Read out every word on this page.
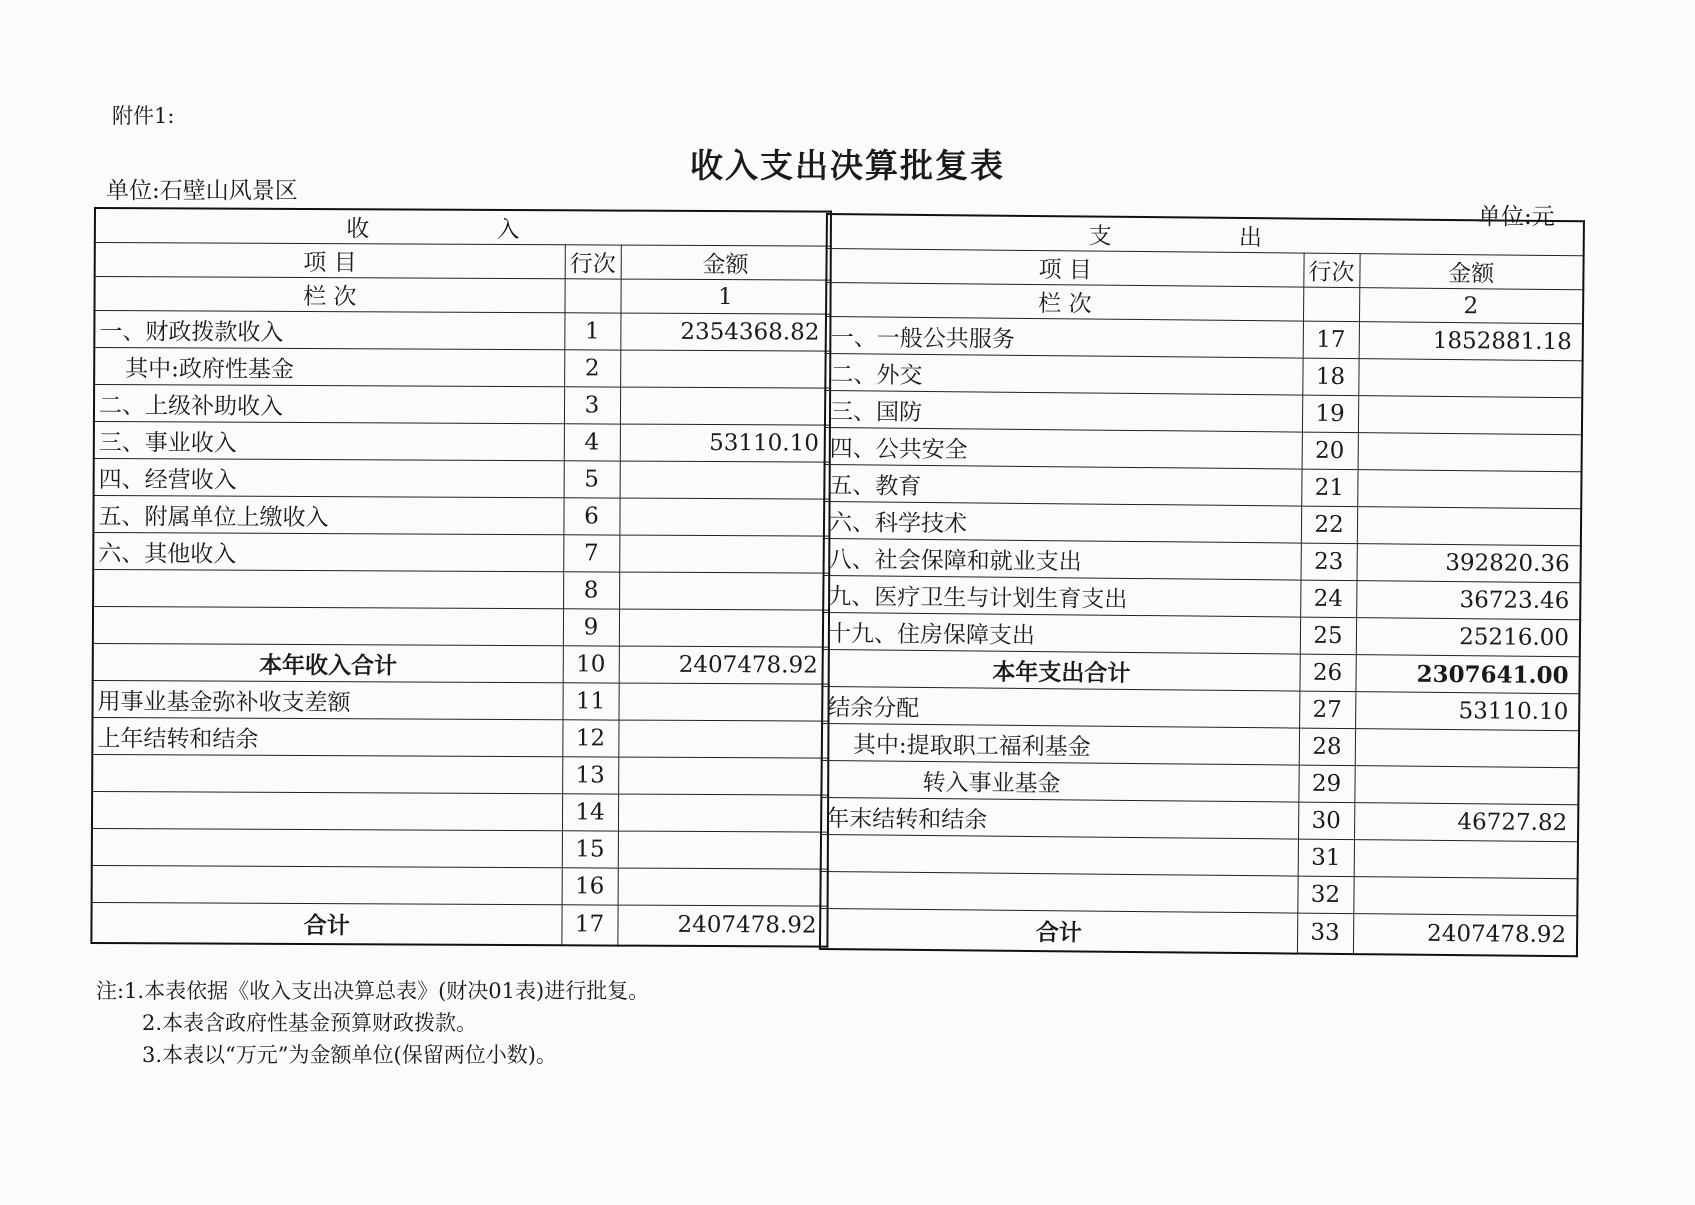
附件1:
收入支出决算批复表
单位:石壁山风景区
单位:元
收 入		
项 目	行次	金额
栏 次		1
一、财政拨款收入	1	2354368.82
其中:政府性基金	2	
二、上级补助收入	3	
三、事业收入	4	53110.10
四、经营收入	5	
五、附属单位上缴收入	6	
六、其他收入	7	
	8	
	9	
本年收入合计	10	2407478.92
用事业基金弥补收支差额	11	
上年结转和结余	12	
	13	
	14	
	15	
	16	
合计	17	2407478.92
支 出		
项 目	行次	金额
栏 次		2
一、一般公共服务	17	1852881.18
二、外交	18	
三、国防	19	
四、公共安全	20	
五、教育	21	
六、科学技术	22	
八、社会保障和就业支出	23	392820.36
九、医疗卫生与计划生育支出	24	36723.46
十九、住房保障支出	25	25216.00
本年支出合计	26	2307641.00
结余分配	27	53110.10
其中:提取职工福利基金	28	
转入事业基金	29	
年末结转和结余	30	46727.82
	31	
	32	
合计	33	2407478.92
注:1.本表依据《收入支出决算总表》(财决01表)进行批复。
2.本表含政府性基金预算财政拨款。
3.本表以“万元”为金额单位(保留两位小数)。
